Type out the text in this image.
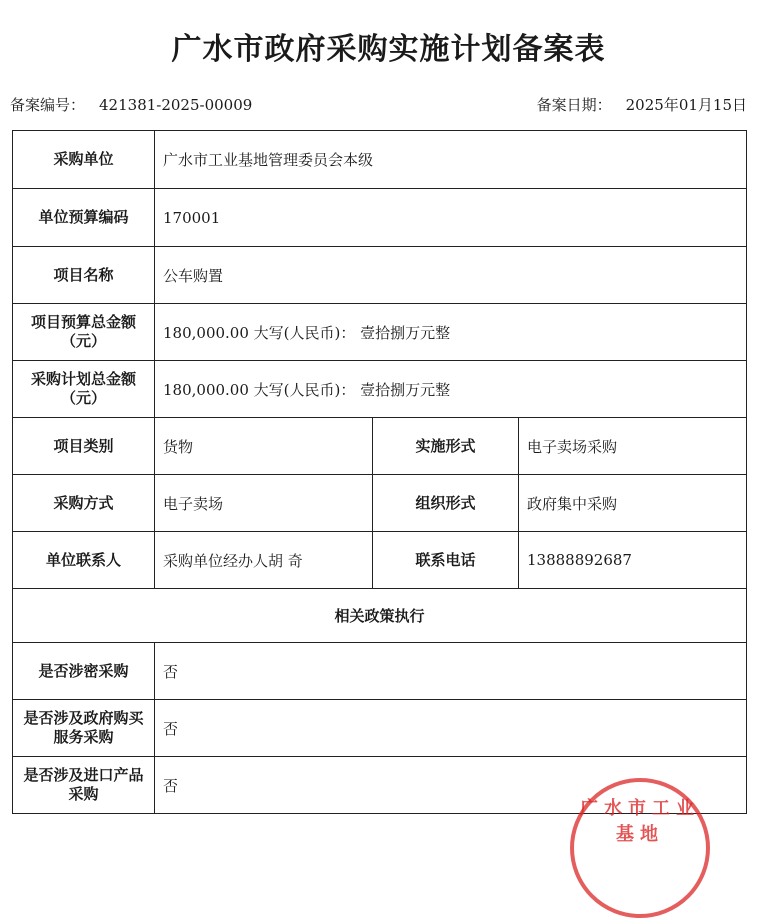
广水市政府采购实施计划备案表
备案编号： 421381-2025-00009	备案日期： 2025年01月15日
采购单位	广水市工业基地管理委员会本级		
单位预算编码	170001		
项目名称	公车购置		
项目预算总金额（元）	180,000.00 大写(人民币)： 壹拾捌万元整		
采购计划总金额（元）	180,000.00 大写(人民币)： 壹拾捌万元整		
项目类别	货物	实施形式	电子卖场采购
采购方式	电子卖场	组织形式	政府集中采购
单位联系人	采购单位经办人胡 奇	联系电话	13888892687
相关政策执行			
是否涉密采购	否		
是否涉及政府购买服务采购	否		
是否涉及进口产品采购	否		
广水市工业基地
